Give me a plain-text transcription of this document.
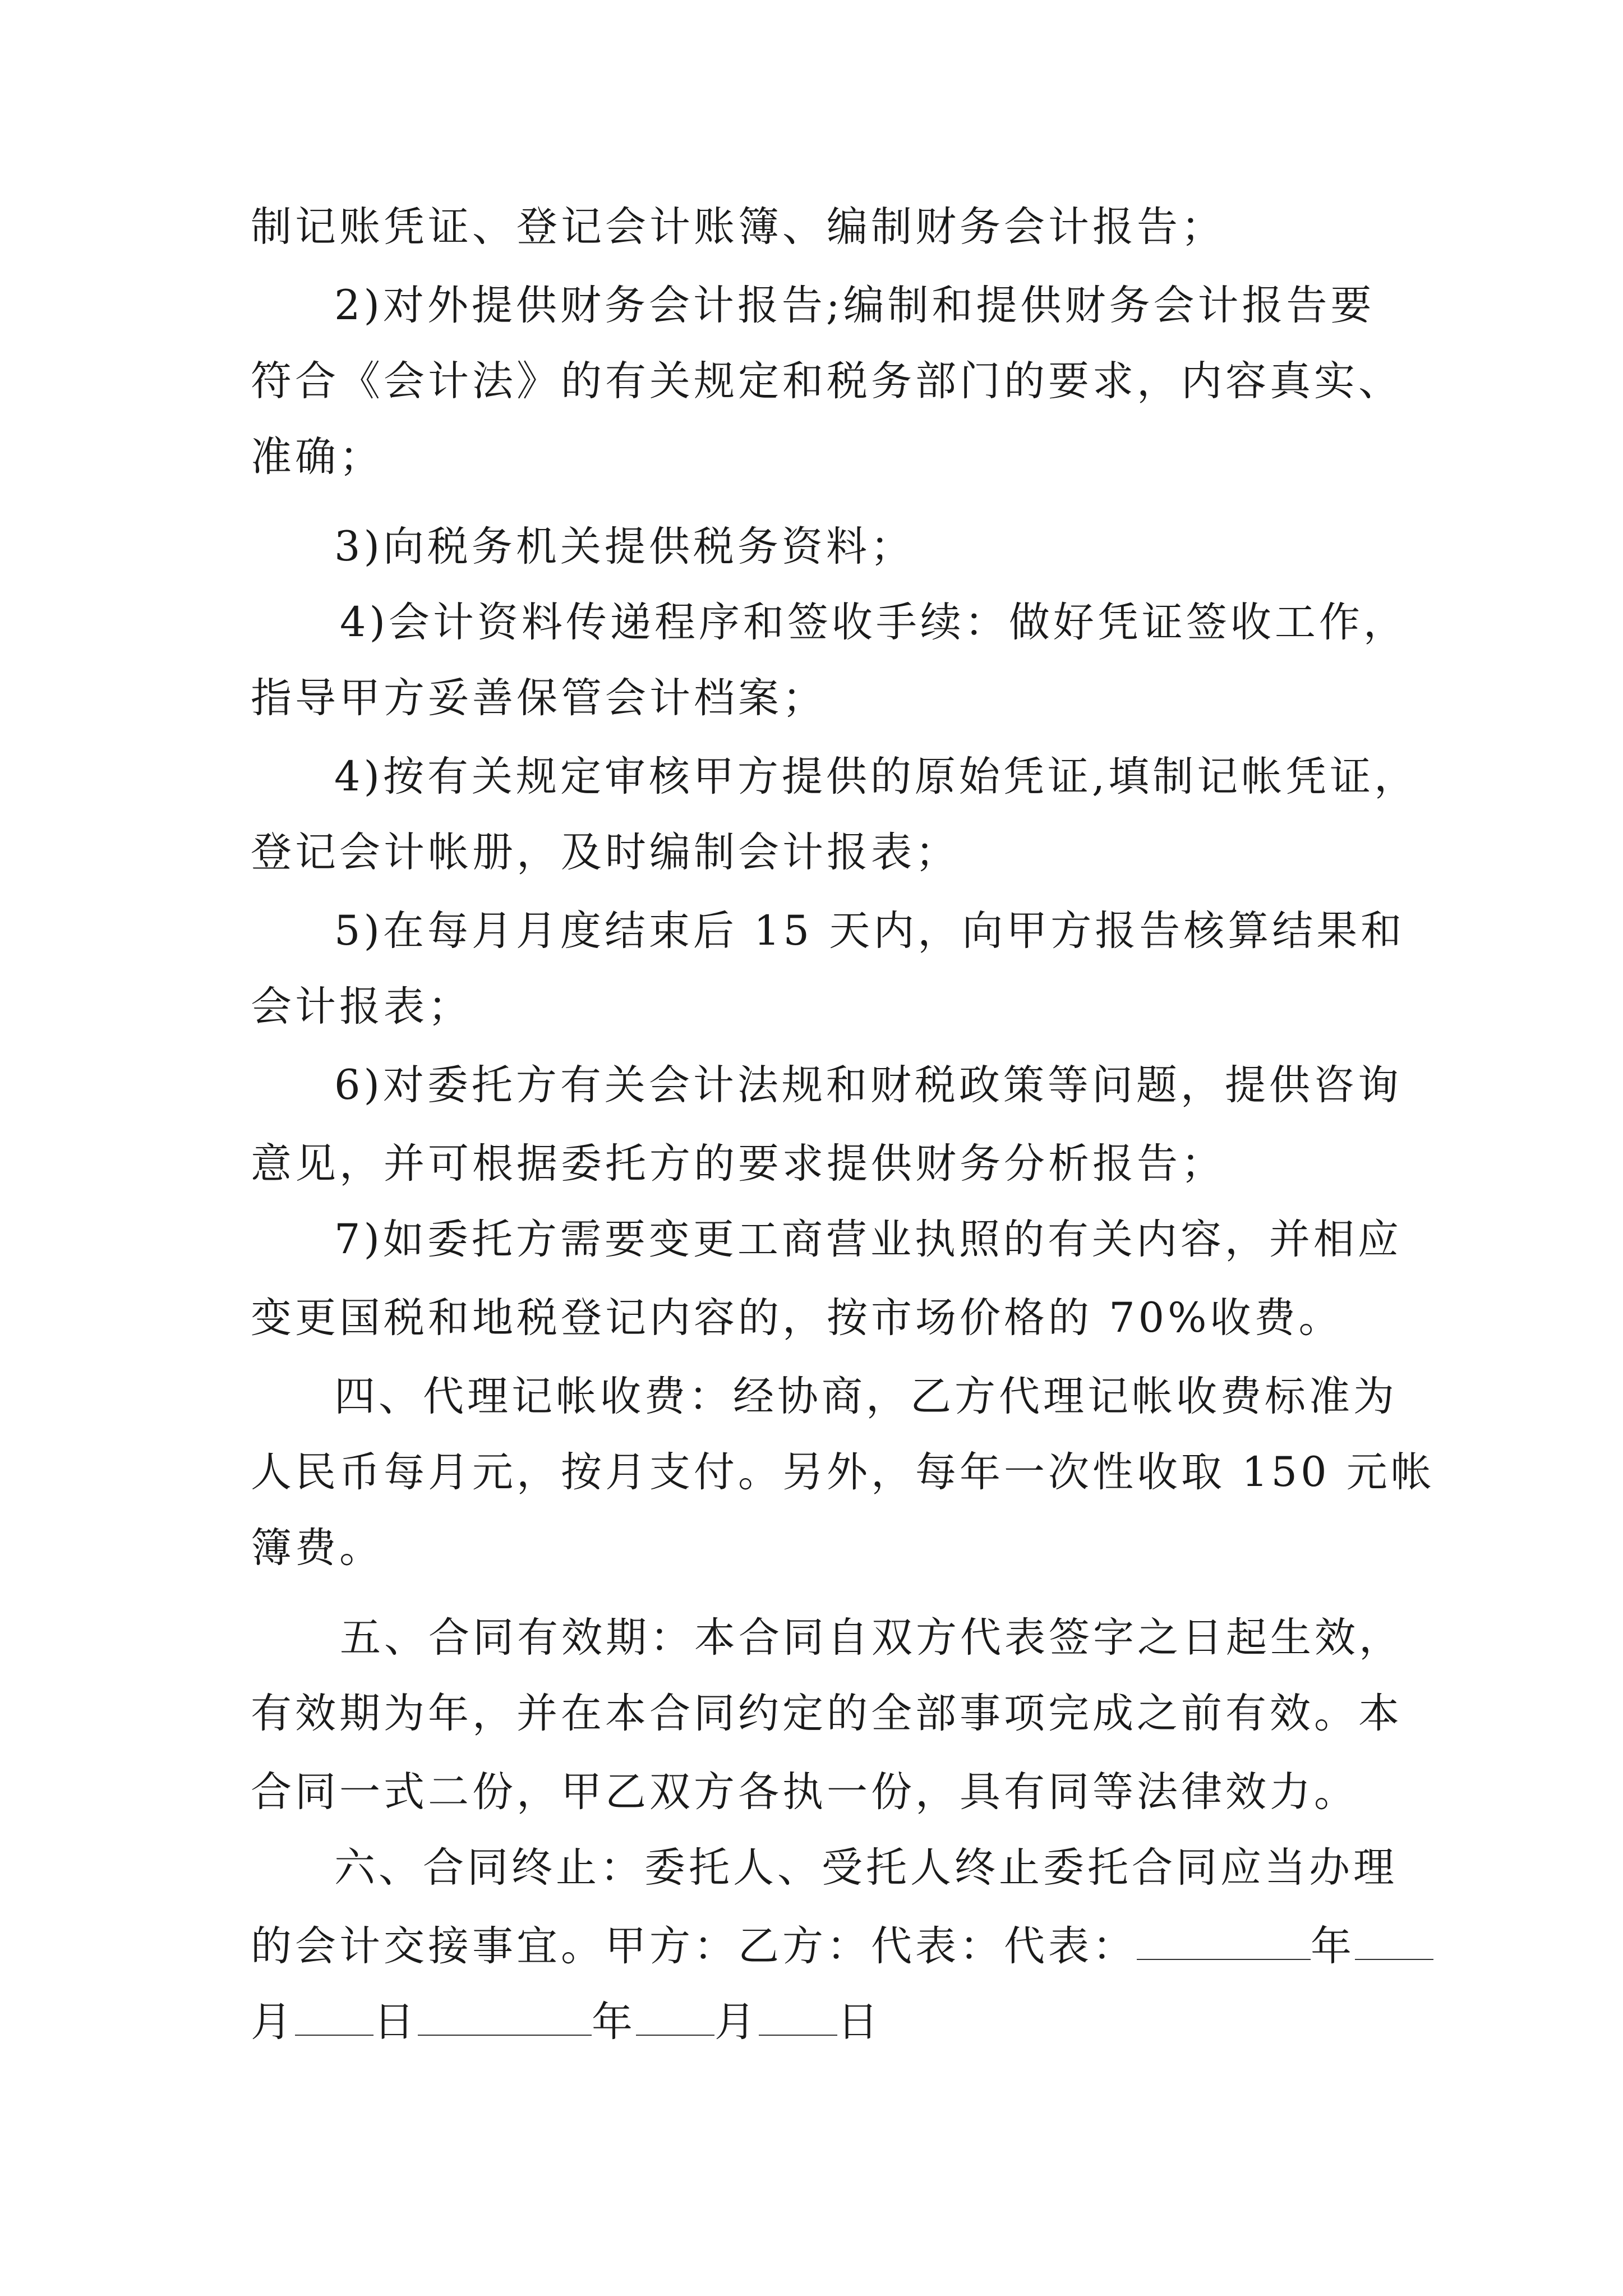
制记账凭证、登记会计账簿、编制财务会计报告；

2)对外提供财务会计报告;编制和提供财务会计报告要

符合《会计法》的有关规定和税务部门的要求，内容真实、

准确；

3)向税务机关提供税务资料；

4)会计资料传递程序和签收手续：做好凭证签收工作，

指导甲方妥善保管会计档案；

4)按有关规定审核甲方提供的原始凭证,填制记帐凭证，

登记会计帐册，及时编制会计报表；

5)在每月月度结束后 15 天内，向甲方报告核算结果和

会计报表；

6)对委托方有关会计法规和财税政策等问题，提供咨询

意见，并可根据委托方的要求提供财务分析报告；

7)如委托方需要变更工商营业执照的有关内容，并相应

变更国税和地税登记内容的，按市场价格的 70%收费。

四、代理记帐收费：经协商，乙方代理记帐收费标准为

人民币每月元，按月支付。另外，每年一次性收取 150 元帐

簿费。

五、合同有效期：本合同自双方代表签字之日起生效，

有效期为年，并在本合同约定的全部事项完成之前有效。本

合同一式二份，甲乙双方各执一份，具有同等法律效力。

六、合同终止：委托人、受托人终止委托合同应当办理

的会计交接事宜。甲方：乙方：代表：代表：	年

月 日	年 月 日
